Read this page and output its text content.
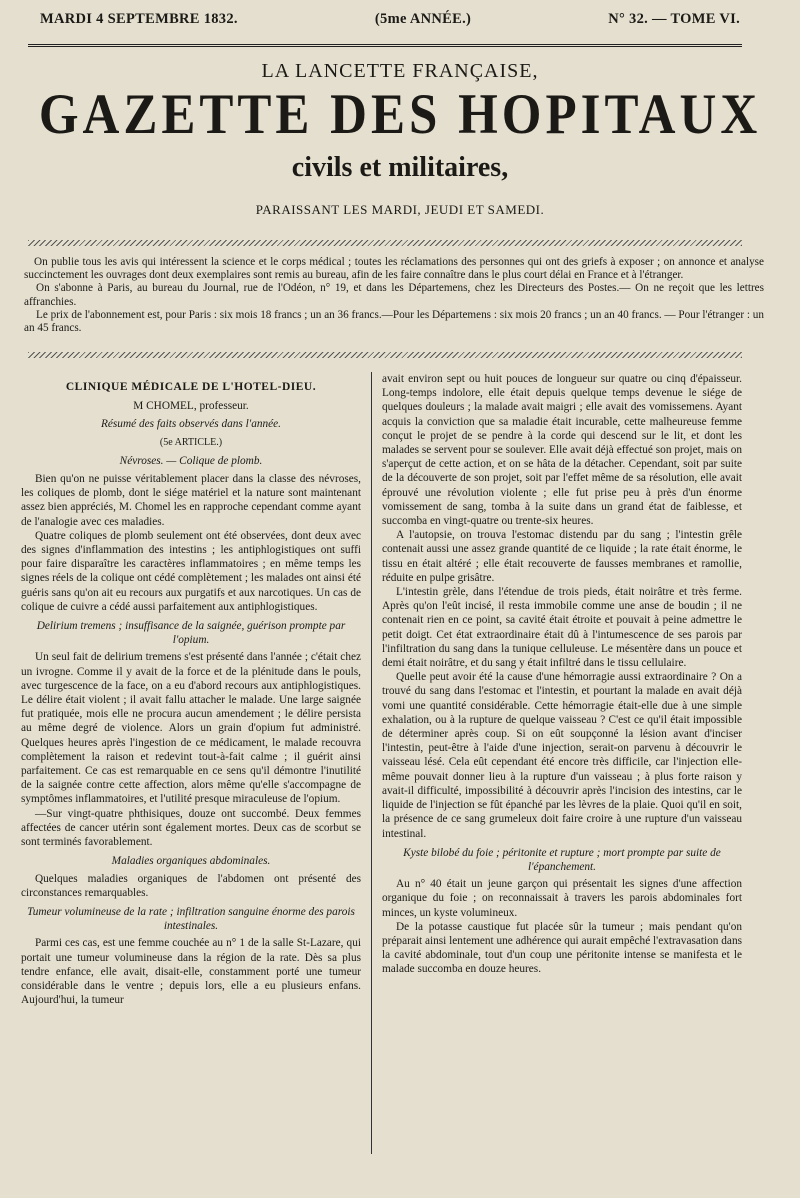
MARDI 4 SEPTEMBRE 1832.	(5me ANNÉE.)	N° 32. — TOME VI.
LA LANCETTE FRANÇAISE,
GAZETTE DES HOPITAUX
civils et militaires,
PARAISSANT LES MARDI, JEUDI ET SAMEDI.

On publie tous les avis qui intéressent la science et le corps médical ; toutes les réclamations des personnes qui ont des griefs à exposer ; on annonce et analyse succinctement les ouvrages dont deux exemplaires sont remis au bureau, afin de les faire connaître dans le plus court délai en France et à l'étranger.

On s'abonne à Paris, au bureau du Journal, rue de l'Odéon, n° 19, et dans les Départemens, chez les Directeurs des Postes.— On ne reçoit que les lettres affranchies.

Le prix de l'abonnement est, pour Paris : six mois 18 francs ; un an 36 francs.—Pour les Départemens : six mois 20 francs ; un an 40 francs. — Pour l'étranger : un an 45 francs.

CLINIQUE MÉDICALE DE L'HOTEL-DIEU.

M CHOMEL, professeur.

Résumé des faits observés dans l'année.

(5e ARTICLE.)

Névroses. — Colique de plomb.

Bien qu'on ne puisse véritablement placer dans la classe des névroses, les coliques de plomb, dont le siége matériel et la nature sont maintenant assez bien appréciés, M. Chomel les en rapproche cependant comme ayant de l'analogie avec ces maladies.

Quatre coliques de plomb seulement ont été observées, dont deux avec des signes d'inflammation des intestins ; les antiphlogistiques ont suffi pour faire disparaître les caractères inflammatoires ; en même temps les signes réels de la colique ont cédé complètement ; les malades ont ainsi été guéris sans qu'on ait eu recours aux purgatifs et aux narcotiques. Un cas de colique de cuivre a cédé aussi parfaitement aux antiphlogistiques.

Delirium tremens ; insuffisance de la saignée, guérison prompte par l'opium.

Un seul fait de delirium tremens s'est présenté dans l'année ; c'était chez un ivrogne. Comme il y avait de la force et de la plénitude dans le pouls, avec turgescence de la face, on a eu d'abord recours aux antiphlogistiques. Le délire était violent ; il avait fallu attacher le malade. Une large saignée fut pratiquée, mois elle ne procura aucun amendement ; le délire persista au même degré de violence. Alors un grain d'opium fut administré. Quelques heures après l'ingestion de ce médicament, le malade recouvra complètement la raison et redevint tout-à-fait calme ; il guérit ainsi parfaitement. Ce cas est remarquable en ce sens qu'il démontre l'inutilité de la saignée contre cette affection, alors même qu'elle s'accompagne de symptômes inflammatoires, et l'utilité presque miraculeuse de l'opium.

—Sur vingt-quatre phthisiques, douze ont succombé. Deux femmes affectées de cancer utérin sont également mortes. Deux cas de scorbut se sont terminés favorablement.

Maladies organiques abdominales.

Quelques maladies organiques de l'abdomen ont présenté des circonstances remarquables.

Tumeur volumineuse de la rate ; infiltration sanguine énorme des parois intestinales.

Parmi ces cas, est une femme couchée au n° 1 de la salle St-Lazare, qui portait une tumeur volumineuse dans la région de la rate. Dès sa plus tendre enfance, elle avait, disait-elle, constamment porté une tumeur considérable dans le ventre ; depuis lors, elle a eu plusieurs enfans. Aujourd'hui, la tumeur

avait environ sept ou huit pouces de longueur sur quatre ou cinq d'épaisseur. Long-temps indolore, elle était depuis quelque temps devenue le siége de quelques douleurs ; la malade avait maigri ; elle avait des vomissemens. Ayant acquis la conviction que sa maladie était incurable, cette malheureuse femme conçut le projet de se pendre à la corde qui descend sur le lit, et dont les malades se servent pour se soulever. Elle avait déjà effectué son projet, mais on s'aperçut de cette action, et on se hâta de la détacher. Cependant, soit par suite de la découverte de son projet, soit par l'effet même de sa résolution, elle avait éprouvé une révolution violente ; elle fut prise peu à près d'un énorme vomissement de sang, tomba à la suite dans un grand état de faiblesse, et succomba en vingt-quatre ou trente-six heures.

A l'autopsie, on trouva l'estomac distendu par du sang ; l'intestin grêle contenait aussi une assez grande quantité de ce liquide ; la rate était énorme, le tissu en était altéré ; elle était recouverte de fausses membranes et ramollie, réduite en pulpe grisâtre.

L'intestin grèle, dans l'étendue de trois pieds, était noirâtre et très ferme. Après qu'on l'eût incisé, il resta immobile comme une anse de boudin ; il ne contenait rien en ce point, sa cavité était étroite et pouvait à peine admettre le petit doigt. Cet état extraordinaire était dû à l'intumescence de ses parois par l'infiltration du sang dans la tunique celluleuse. Le mésentère dans un pouce et demi était noirâtre, et du sang y était infiltré dans le tissu cellulaire.

Quelle peut avoir été la cause d'une hémorragie aussi extraordinaire ? On a trouvé du sang dans l'estomac et l'intestin, et pourtant la malade en avait déjà vomi une quantité considérable. Cette hémorragie était-elle due à une simple exhalation, ou à la rupture de quelque vaisseau ? C'est ce qu'il était impossible de déterminer après coup. Si on eût soupçonné la lésion avant d'inciser l'intestin, peut-être à l'aide d'une injection, serait-on parvenu à découvrir le vaisseau lésé. Cela eût cependant été encore très difficile, car l'injection elle-même pouvait donner lieu à la rupture d'un vaisseau ; à plus forte raison y avait-il difficulté, impossibilité à découvrir après l'incision des intestins, car le liquide de l'injection se fût épanché par les lèvres de la plaie. Quoi qu'il en soit, la présence de ce sang grumeleux doit faire croire à une rupture d'un vaisseau intestinal.

Kyste bilobé du foie ; péritonite et rupture ; mort prompte par suite de l'épanchement.

Au n° 40 était un jeune garçon qui présentait les signes d'une affection organique du foie ; on reconnaissait à travers les parois abdominales fort minces, un kyste volumineux.

De la potasse caustique fut placée sûr la tumeur ; mais pendant qu'on préparait ainsi lentement une adhérence qui aurait empêché l'extravasation dans la cavité abdominale, tout d'un coup une péritonite intense se manifesta et le malade succomba en douze heures.
